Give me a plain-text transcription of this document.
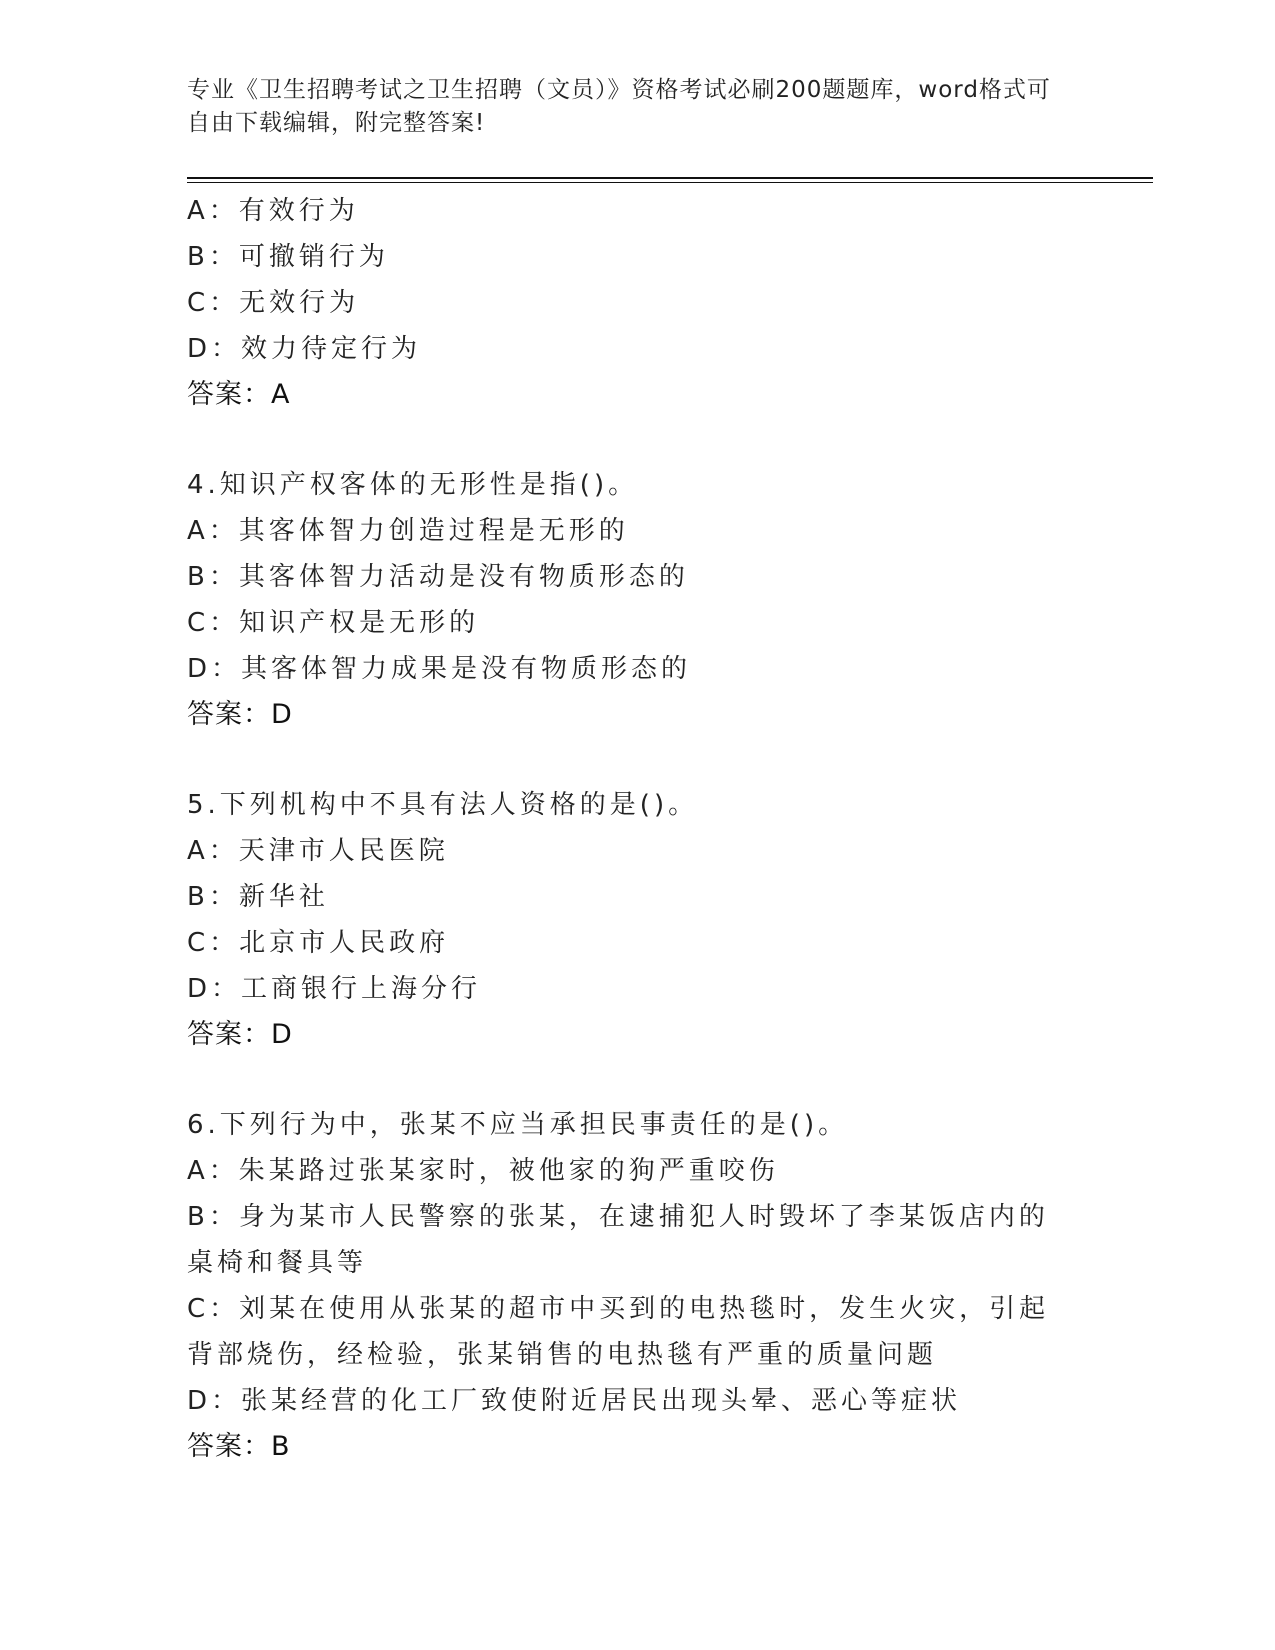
专业《卫生招聘考试之卫生招聘（文员）》资格考试必刷200题题库，word格式可自由下载编辑，附完整答案!
A：有效行为
B：可撤销行为
C：无效行为
D：效力待定行为
答案：A
4.知识产权客体的无形性是指()。
A：其客体智力创造过程是无形的
B：其客体智力活动是没有物质形态的
C：知识产权是无形的
D：其客体智力成果是没有物质形态的
答案：D
5.下列机构中不具有法人资格的是()。
A：天津市人民医院
B：新华社
C：北京市人民政府
D：工商银行上海分行
答案：D
6.下列行为中，张某不应当承担民事责任的是()。
A：朱某路过张某家时，被他家的狗严重咬伤
B：身为某市人民警察的张某，在逮捕犯人时毁坏了李某饭店内的桌椅和餐具等
C：刘某在使用从张某的超市中买到的电热毯时，发生火灾，引起背部烧伤，经检验，张某销售的电热毯有严重的质量问题
D：张某经营的化工厂致使附近居民出现头晕、恶心等症状
答案：B
